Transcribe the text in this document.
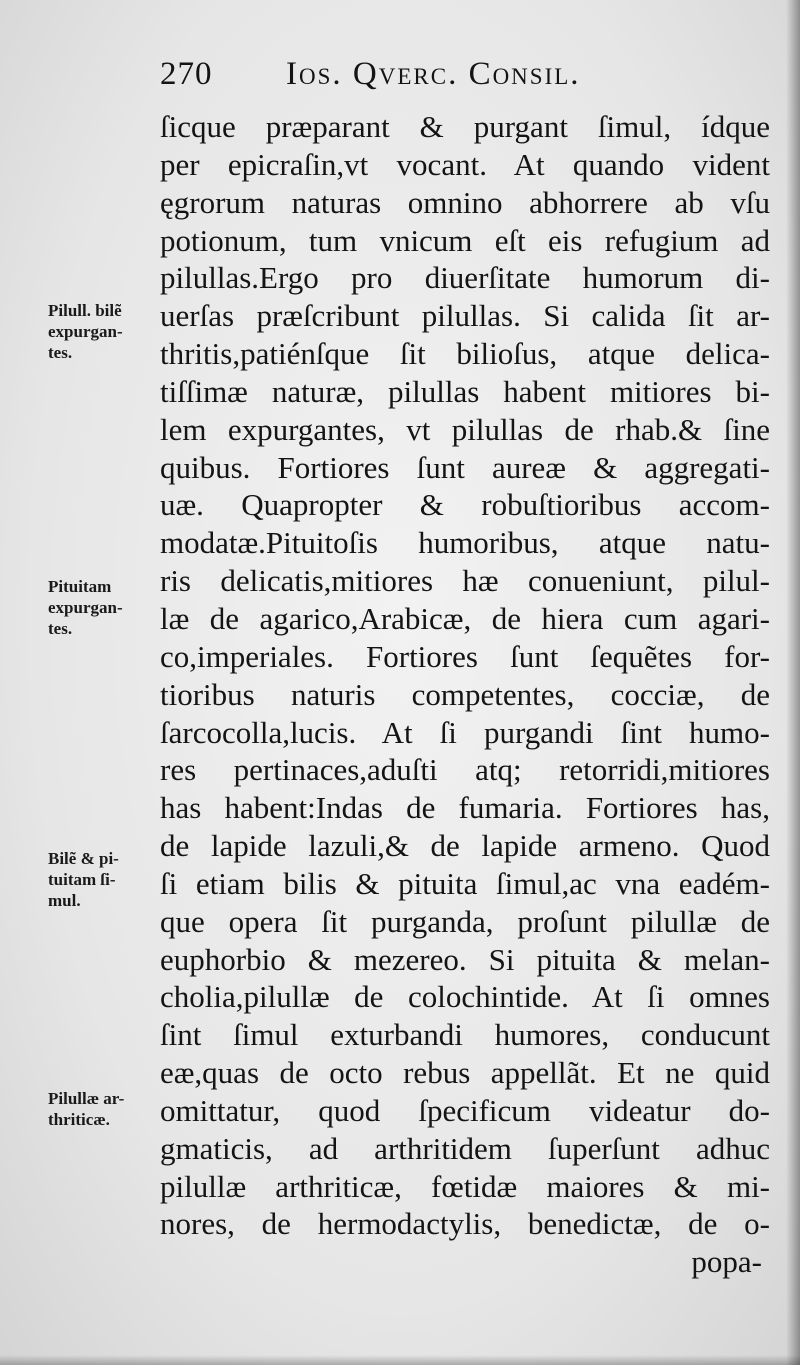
270 Ios. Qverc. Consil.
ſicque præparant & purgant ſimul, ídque
per epicraſin,vt vocant. At quando vident
ęgrorum naturas omnino abhorrere ab vſu
potionum, tum vnicum eſt eis refugium ad
pilullas.Ergo pro diuerſitate humorum di-
uerſas præſcribunt pilullas. Si calida ſit ar-
thritis,patiénſque ſit bilioſus, atque delica-
tiſſimæ naturæ, pilullas habent mitiores bi-
lem expurgantes, vt pilullas de rhab.& ſine
quibus. Fortiores ſunt aureæ & aggregati-
uæ. Quapropter & robuſtioribus accom-
modatæ.Pituitoſis humoribus, atque natu-
ris delicatis,mitiores hæ conueniunt, pilul-
læ de agarico,Arabicæ, de hiera cum agari-
co,imperiales. Fortiores ſunt ſequẽtes for-
tioribus naturis competentes, cocciæ, de
ſarcocolla,lucis. At ſi purgandi ſint humo-
res pertinaces,aduſti atq; retorridi,mitiores
has habent:Indas de fumaria. Fortiores has,
de lapide lazuli,& de lapide armeno. Quod
ſi etiam bilis & pituita ſimul,ac vna eadém-
que opera ſit purganda, proſunt pilullæ de
euphorbio & mezereo. Si pituita & melan-
cholia,pilullæ de colochintide. At ſi omnes
ſint ſimul exturbandi humores, conducunt
eæ,quas de octo rebus appellãt. Et ne quid
omittatur, quod ſpecificum videatur do-
gmaticis, ad arthritidem ſuperſunt adhuc
pilullæ arthriticæ, fœtidæ maiores & mi-
nores, de hermodactylis, benedictæ, de o-
popa-
Pilull. bilẽ
expurgan-
tes.
Pituitam
expurgan-
tes.
Bilẽ & pi-
tuitam ſi-
mul.
Pilullæ ar-
thriticæ.
